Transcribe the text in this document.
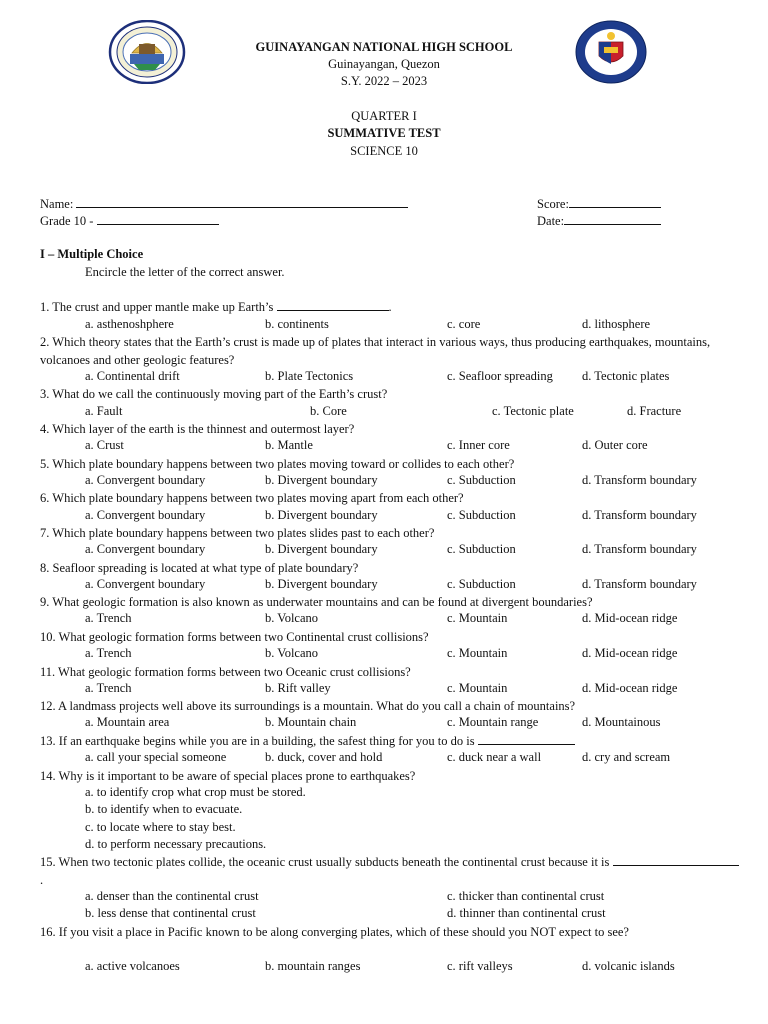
GUINAYANGAN NATIONAL HIGH SCHOOL
Guinayangan, Quezon
S.Y. 2022 – 2023
QUARTER I
SUMMATIVE TEST
SCIENCE 10
Name:	Score:
Grade 10 -	Date:
I – Multiple Choice
Encircle the letter of the correct answer.
1. The crust and upper mantle make up Earth’s	.
a. asthenoshphere	b. continents	c. core	d. lithosphere
2. Which theory states that the Earth’s crust is made up of plates that interact in various ways, thus producing earthquakes, mountains, volcanoes and other geologic features?
a. Continental drift	b. Plate Tectonics	c. Seafloor spreading d. Tectonic plates
3. What do we call the continuously moving part of the Earth’s crust?
a. Fault	b. Core	c. Tectonic plate	d. Fracture
4. Which layer of the earth is the thinnest and outermost layer?
a. Crust	b. Mantle	c. Inner core	d. Outer core
5. Which plate boundary happens between two plates moving toward or collides to each other?
a. Convergent boundary	b. Divergent boundary	c. Subduction	d. Transform boundary
6. Which plate boundary happens between two plates moving apart from each other?
a. Convergent boundary	b. Divergent boundary	c. Subduction	d. Transform boundary
7. Which plate boundary happens between two plates slides past to each other?
a. Convergent boundary	b. Divergent boundary	c. Subduction	d. Transform boundary
8. Seafloor spreading is located at what type of plate boundary?
a. Convergent boundary	b. Divergent boundary	c. Subduction	d. Transform boundary
9. What geologic formation is also known as underwater mountains and can be found at divergent boundaries?
a. Trench	b. Volcano	c. Mountain	d. Mid-ocean ridge
10. What geologic formation forms between two Continental crust collisions?
a. Trench	b. Volcano	c. Mountain	d. Mid-ocean ridge
11. What geologic formation forms between two Oceanic crust collisions?
a. Trench	b. Rift valley	c. Mountain	d. Mid-ocean ridge
12. A landmass projects well above its surroundings is a mountain. What do you call a chain of mountains?
a. Mountain area	b. Mountain chain	c. Mountain range	d. Mountainous
13. If an earthquake begins while you are in a building, the safest thing for you to do is
a. call your special someone	b. duck, cover and hold	c. duck near a wall	d. cry and scream
14. Why is it important to be aware of special places prone to earthquakes?
a. to identify crop what crop must be stored.
b. to identify when to evacuate.
c. to locate where to stay best.
d. to perform necessary precautions.
15. When two tectonic plates collide, the oceanic crust usually subducts beneath the continental crust because it is .
a. denser than the continental crust	c. thicker than continental crust
b. less dense that continental crust	d. thinner than continental crust
16. If you visit a place in Pacific known to be along converging plates, which of these should you NOT expect to see?
a. active volcanoes	b. mountain ranges	c. rift valleys	d. volcanic islands
